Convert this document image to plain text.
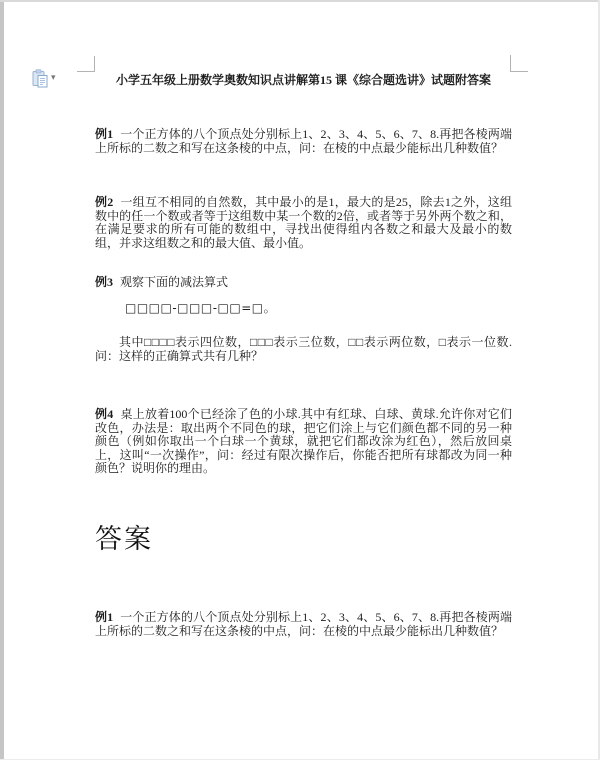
▾	小学五年级上册数学奥数知识点讲解第15 课《综合题选讲》试题附答案
例1 一个正方体的八个顶点处分别标上1、2、3、4、5、6、7、8.再把各棱两端上所标的二数之和写在这条棱的中点，问：在棱的中点最少能标出几种数值？
例2 一组互不相同的自然数，其中最小的是1，最大的是25，除去1之外，这组数中的任一个数或者等于这组数中某一个数的2倍，或者等于另外两个数之和，在满足要求的所有可能的数组中，寻找出使得组内各数之和最大及最小的数组，并求这组数之和的最大值、最小值。
例3 观察下面的减法算式
□□□□-□□□-□□=□。
其中□□□□表示四位数，□□□表示三位数，□□表示两位数，□表示一位数.问：这样的正确算式共有几种？
例4 桌上放着100个已经涂了色的小球.其中有红球、白球、黄球.允许你对它们改色，办法是：取出两个不同色的球，把它们涂上与它们颜色都不同的另一种颜色（例如你取出一个白球一个黄球，就把它们都改涂为红色），然后放回桌上，这叫“一次操作”，问：经过有限次操作后，你能否把所有球都改为同一种颜色？说明你的理由。
答案
例1 一个正方体的八个顶点处分别标上1、2、3、4、5、6、7、8.再把各棱两端上所标的二数之和写在这条棱的中点，问：在棱的中点最少能标出几种数值？
